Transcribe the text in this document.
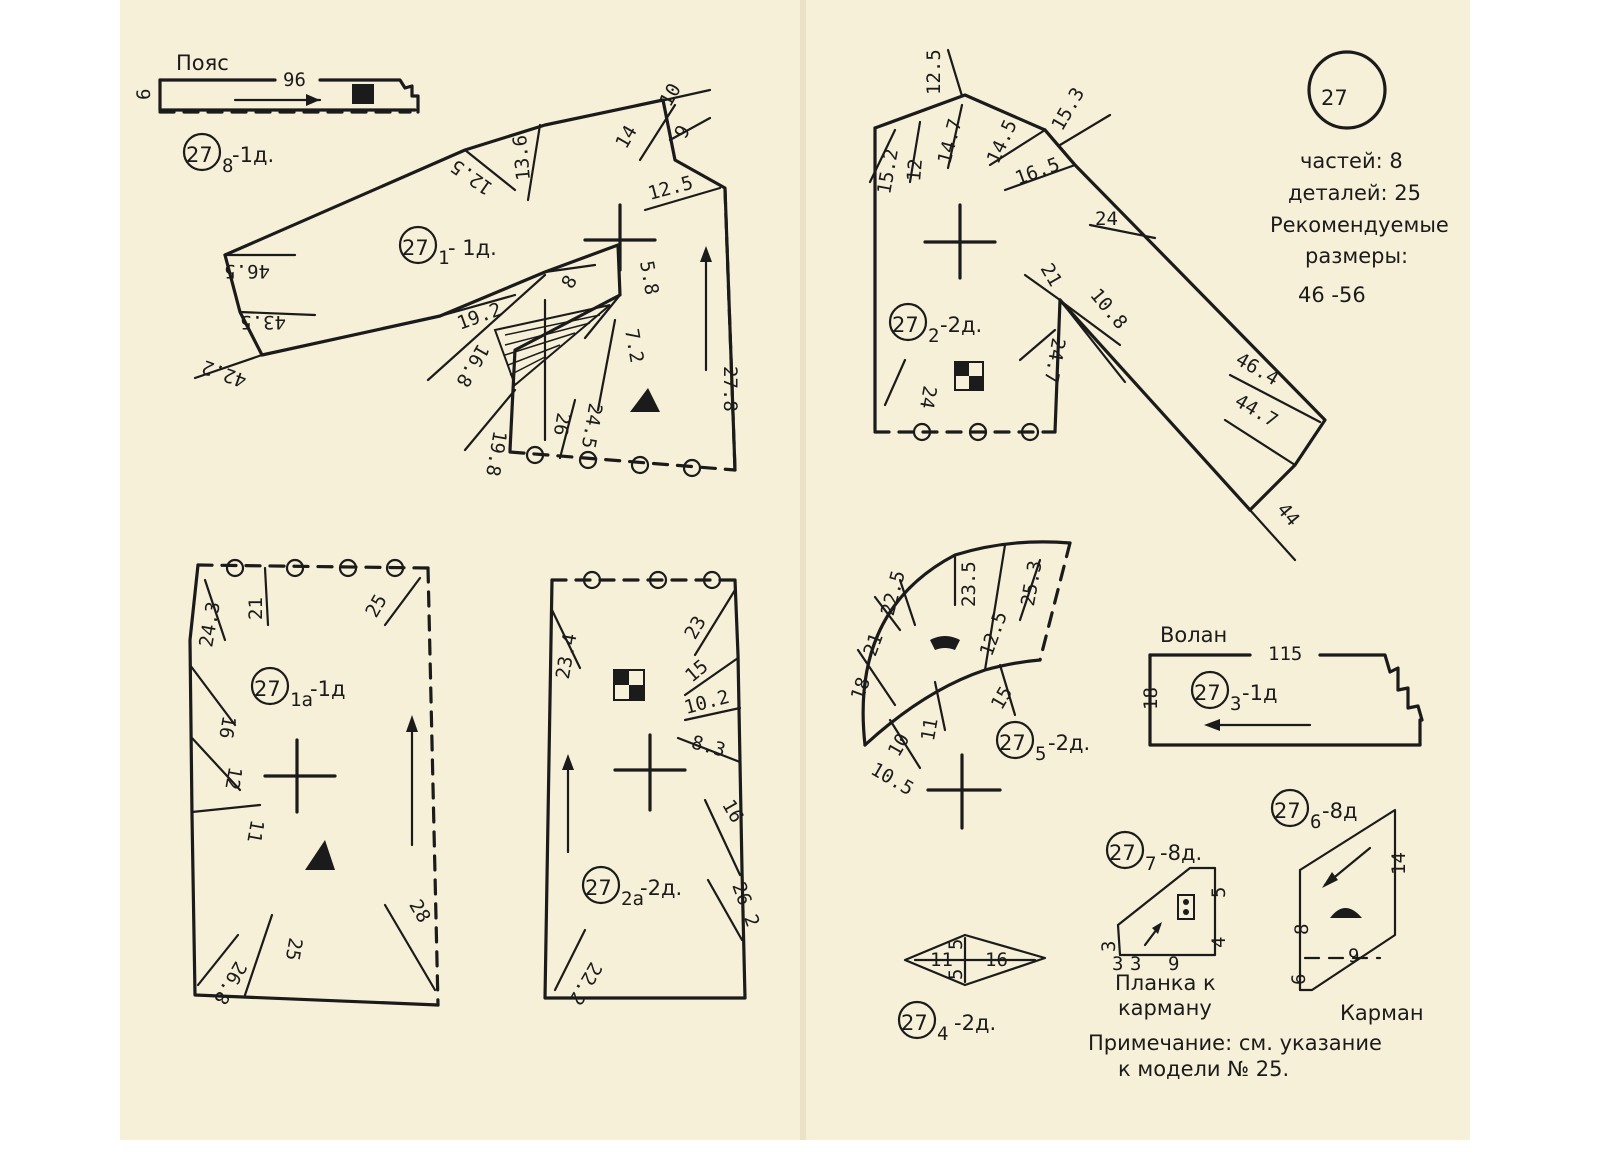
Пояс
96
6
27 8
-1д.
10
9
14
13.6
12.5	12.5
46.5
43.5
42.2
19.2
8	5.8
7.2
16.8
19.8
26 24.5
27.8
27 1
- 1д.
12.5
15.2 12
14.7 14.5
16.5
15.3
24
21
10.8
24.7
24
46.4
44.7
44
27 2 -2д.
27
частей: 8
деталей: 25
Рекомендуемые
размеры:
46 -56
24.3 21	25
16
12
11
26.8
25
28
27 1a
-1д
23.4
23
15
10.2
8.3
16
26.2
22.2
27 2a
-2д.
22.5	23.5 25.3
21	12.5
18	15
11
10
10.5
27 5 -2д.
Волан
115
18 27 3 -1д
11
5
5
16
27 4 -2д.
3
3 9
5
4
3
27 7 -8д.
Планка к
карману
14
8
9
6
27 6 -8д
Карман
Примечание: см. указание
к модели № 25.
